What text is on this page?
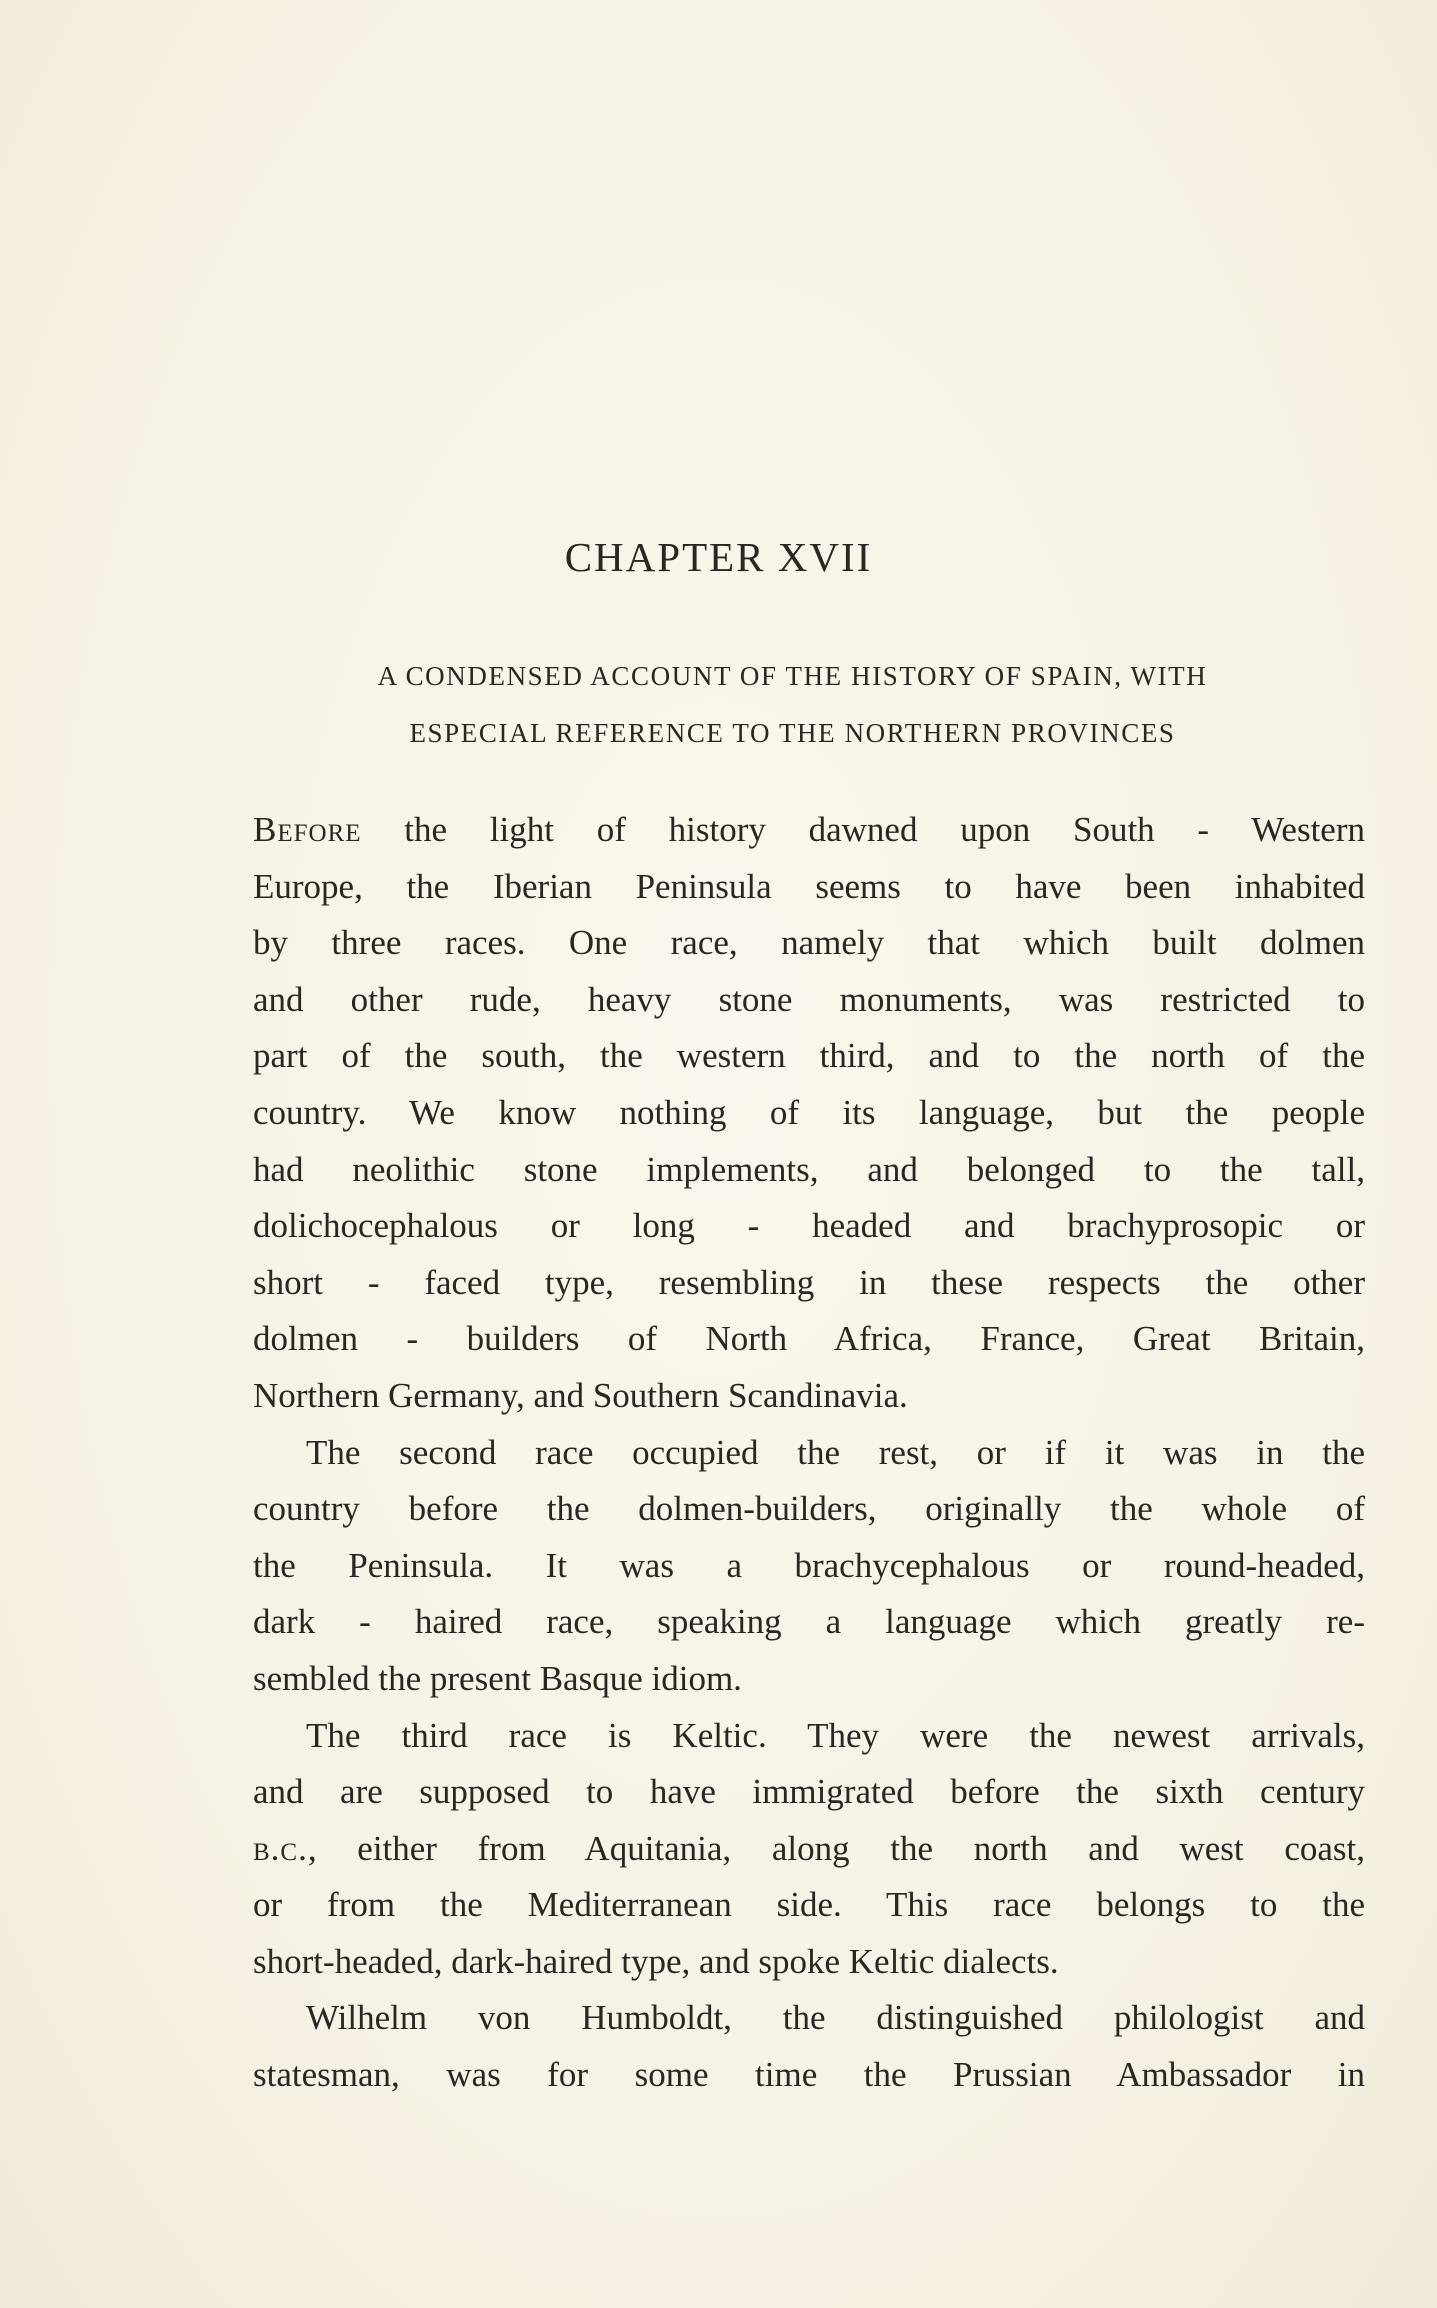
CHAPTER XVII
A CONDENSED ACCOUNT OF THE HISTORY OF SPAIN, WITH
ESPECIAL REFERENCE TO THE NORTHERN PROVINCES
Before the light of history dawned upon South - Western
Europe, the Iberian Peninsula seems to have been inhabited
by three races. One race, namely that which built dolmen
and other rude, heavy stone monuments, was restricted to
part of the south, the western third, and to the north of the
country. We know nothing of its language, but the people
had neolithic stone implements, and belonged to the tall,
dolichocephalous or long - headed and brachyprosopic or
short - faced type, resembling in these respects the other
dolmen - builders of North Africa, France, Great Britain,
Northern Germany, and Southern Scandinavia.
The second race occupied the rest, or if it was in the
country before the dolmen-builders, originally the whole of
the Peninsula. It was a brachycephalous or round-headed,
dark - haired race, speaking a language which greatly re-
sembled the present Basque idiom.
The third race is Keltic. They were the newest arrivals,
and are supposed to have immigrated before the sixth century
b.c., either from Aquitania, along the north and west coast,
or from the Mediterranean side. This race belongs to the
short-headed, dark-haired type, and spoke Keltic dialects.
Wilhelm von Humboldt, the distinguished philologist and
statesman, was for some time the Prussian Ambassador in
